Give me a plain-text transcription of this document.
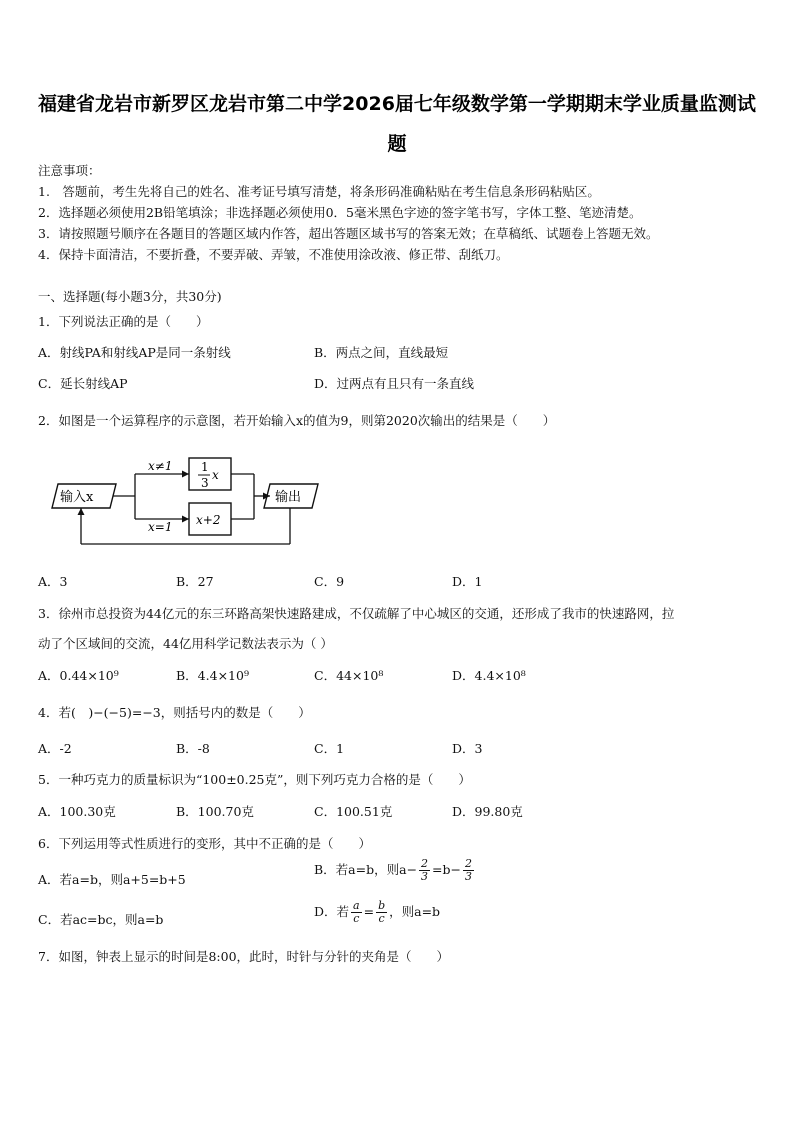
福建省龙岩市新罗区龙岩市第二中学2026届七年级数学第一学期期末学业质量监测试
题
注意事项：
1.　答题前，考生先将自己的姓名、准考证号填写清楚，将条形码准确粘贴在考生信息条形码粘贴区。
2．选择题必须使用2B铅笔填涂；非选择题必须使用0．5毫米黑色字迹的签字笔书写，字体工整、笔迹清楚。
3．请按照题号顺序在各题目的答题区域内作答，超出答题区域书写的答案无效；在草稿纸、试题卷上答题无效。
4．保持卡面清洁，不要折叠，不要弄破、弄皱，不准使用涂改液、修正带、刮纸刀。
一、选择题(每小题3分，共30分)
1．下列说法正确的是（　　）
A．射线PA和射线AP是同一条射线	B．两点之间，直线最短
C．延长射线AP	D．过两点有且只有一条直线
2．如图是一个运算程序的示意图，若开始输入x的值为9，则第2020次输出的结果是（　　）
输入x
x≠1 1
3
x
x=1 x+2
输出
A．3	B．27	C．9	D．1
3．徐州市总投资为44亿元的东三环路高架快速路建成，不仅疏解了中心城区的交通，还形成了我市的快速路网，拉
动了个区域间的交流，44亿用科学记数法表示为（ ）
A．0.44×10⁹	B．4.4×10⁹	C．44×10⁸	D．4.4×10⁸
4．若(　)−(−5)=−3，则括号内的数是（　　）
A．-2	B．-8	C．1	D．3
5．一种巧克力的质量标识为“100±0.25克”，则下列巧克力合格的是（　　）
A．100.30克	B．100.70克	C．100.51克	D．99.80克
6．下列运用等式性质进行的变形，其中不正确的是（　　）
A．若a=b，则a+5=b+5
B．若a=b，则$a- \frac{2}{3} =b- \frac{2}{3}$
C．若ac=bc，则a=b
D．若 $\frac{a}{c} = \frac{b}{c}$ ，则a=b
7．如图，钟表上显示的时间是8:00，此时，时针与分针的夹角是（　　）
